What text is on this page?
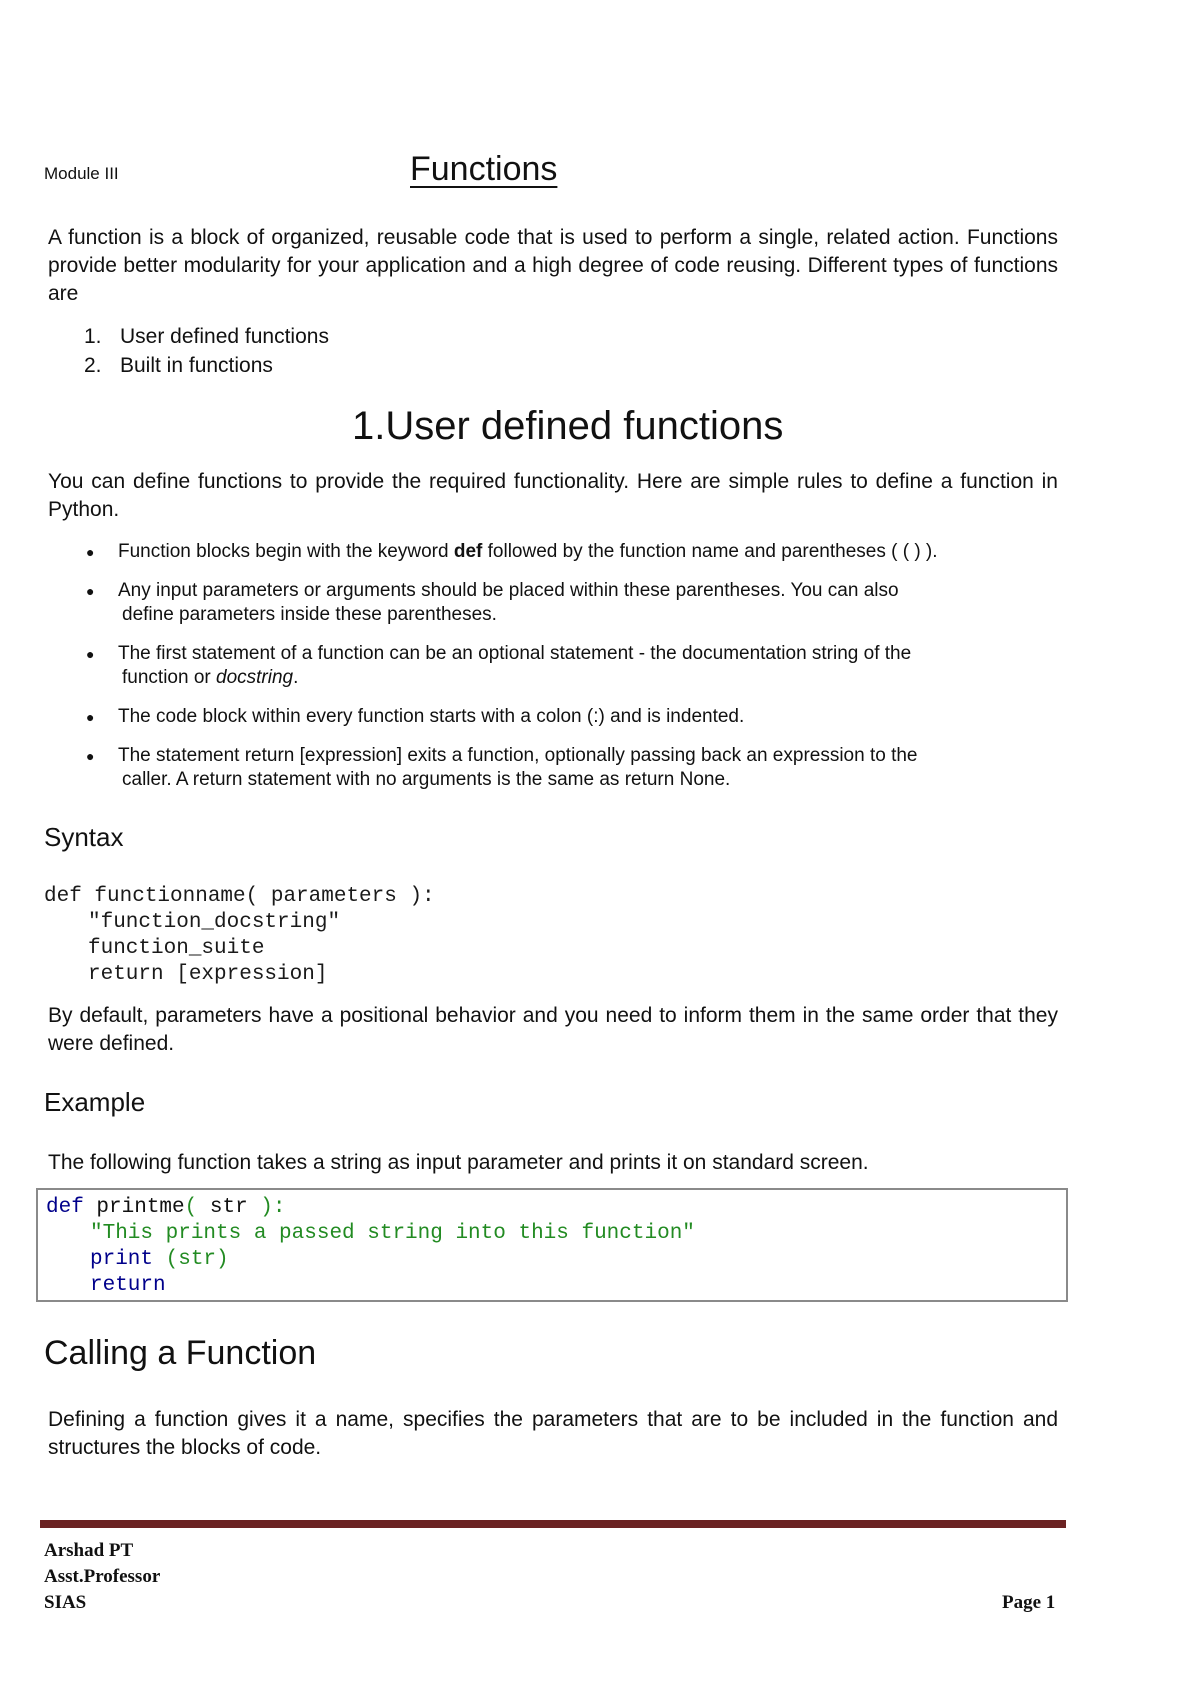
Module III	Functions
A function is a block of organized, reusable code that is used to perform a single, related action. Functions provide better modularity for your application and a high degree of code reusing. Different types of functions are
1. User defined functions
2. Built in functions
1.User defined functions
You can define functions to provide the required functionality. Here are simple rules to define a function in Python.
●	Function blocks begin with the keyword def followed by the function name and parentheses ( ( ) ).
●	Any input parameters or arguments should be placed within these parentheses. You can also
define parameters inside these parentheses.
●	The first statement of a function can be an optional statement - the documentation string of the
function or docstring.
●	The code block within every function starts with a colon (:) and is indented.
●	The statement return [expression] exits a function, optionally passing back an expression to the
caller. A return statement with no arguments is the same as return None.
Syntax
def functionname( parameters ):
"function_docstring"
function_suite
return [expression]
By default, parameters have a positional behavior and you need to inform them in the same order that they were defined.
Example
The following function takes a string as input parameter and prints it on standard screen.
def printme( str ):
"This prints a passed string into this function"
print (str)
return
Calling a Function
Defining a function gives it a name, specifies the parameters that are to be included in the function and structures the blocks of code.
Arshad PT
Asst.Professor
SIAS	Page 1
